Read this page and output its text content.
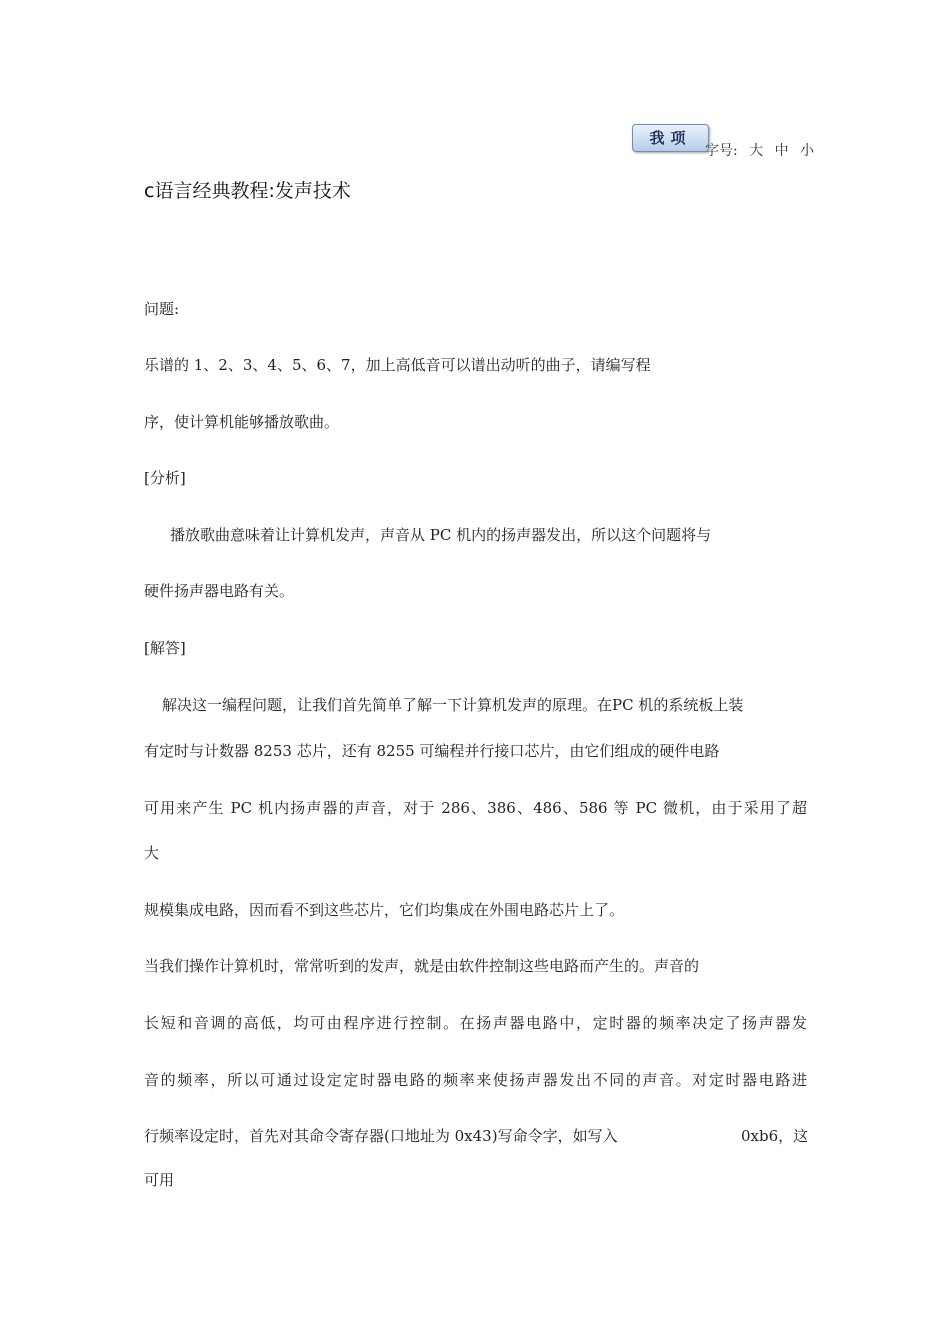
我项
字号: 大 中 小
c语言经典教程:发声技术
问题:
乐谱的 1、2、3、4、5、6、7，加上高低音可以谱出动听的曲子，请编写程
序，使计算机能够播放歌曲。
[分析]
播放歌曲意味着让计算机发声，声音从 PC 机内的扬声器发出，所以这个问题将与
硬件扬声器电路有关。
[解答]
解决这一编程问题，让我们首先简单了解一下计算机发声的原理。在PC 机的系统板上装
有定时与计数器 8253 芯片，还有 8255 可编程并行接口芯片，由它们组成的硬件电路
可用来产生 PC 机内扬声器的声音，对于 286、386、486、586 等 PC 微机，由于采用了超
大
规模集成电路，因而看不到这些芯片，它们均集成在外围电路芯片上了。
当我们操作计算机时，常常听到的发声，就是由软件控制这些电路而产生的。声音的
长短和音调的高低，均可由程序进行控制。在扬声器电路中，定时器的频率决定了扬声器发
音的频率，所以可通过设定定时器电路的频率来使扬声器发出不同的声音。对定时器电路进
行频率设定时，首先对其命令寄存器(口地址为 0x43)写命令字，如写入	0xb6，这
可用
